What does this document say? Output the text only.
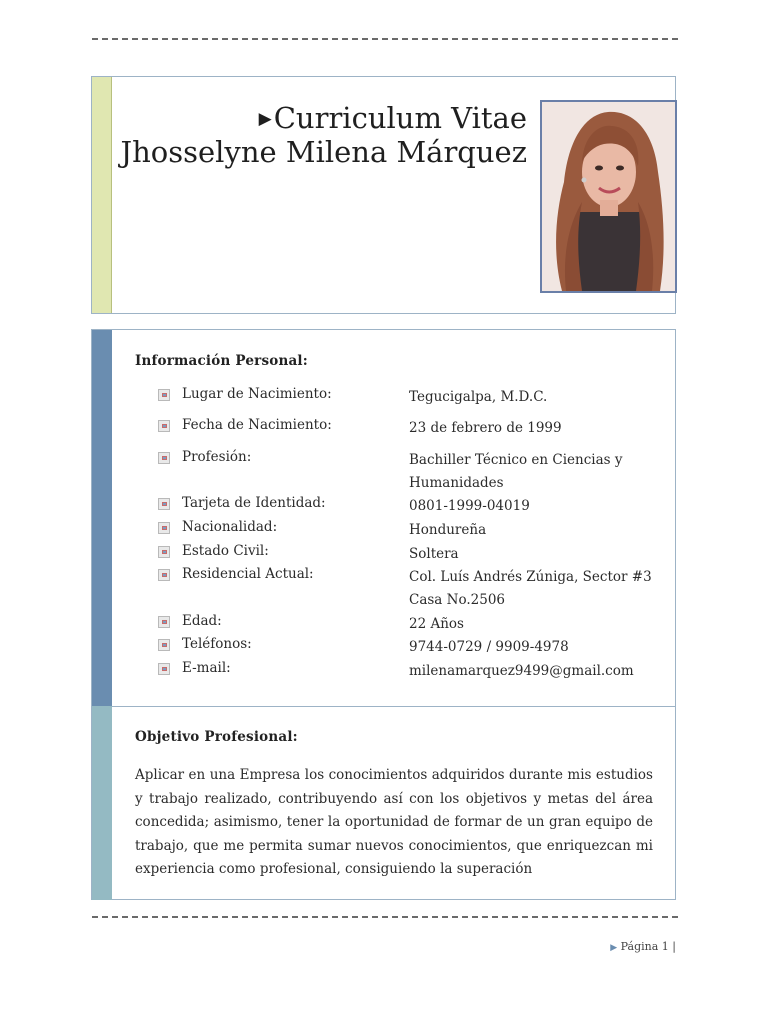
▶Curriculum Vitae
Jhosselyne Milena Márquez
Información Personal:
Lugar de Nacimiento:	Tegucigalpa, M.D.C.
Fecha de Nacimiento:	23 de febrero de 1999
Profesión:	Bachiller Técnico en Ciencias y Humanidades
Tarjeta de Identidad:	0801-1999-04019
Nacionalidad:	Hondureña
Estado Civil:	Soltera
Residencial Actual:	Col. Luís Andrés Zúniga, Sector #3 Casa No.2506
Edad:	22 Años
Teléfonos:	9744-0729 / 9909-4978
E-mail:	milenamarquez9499@gmail.com
Objetivo Profesional:
Aplicar en una Empresa los conocimientos adquiridos durante mis estudios y trabajo realizado, contribuyendo así con los objetivos y metas del área concedida; asimismo, tener la oportunidad de formar de un gran equipo de trabajo, que me permita sumar nuevos conocimientos, que enriquezcan mi experiencia como profesional, consiguiendo la superación
▶ Página 1 |
